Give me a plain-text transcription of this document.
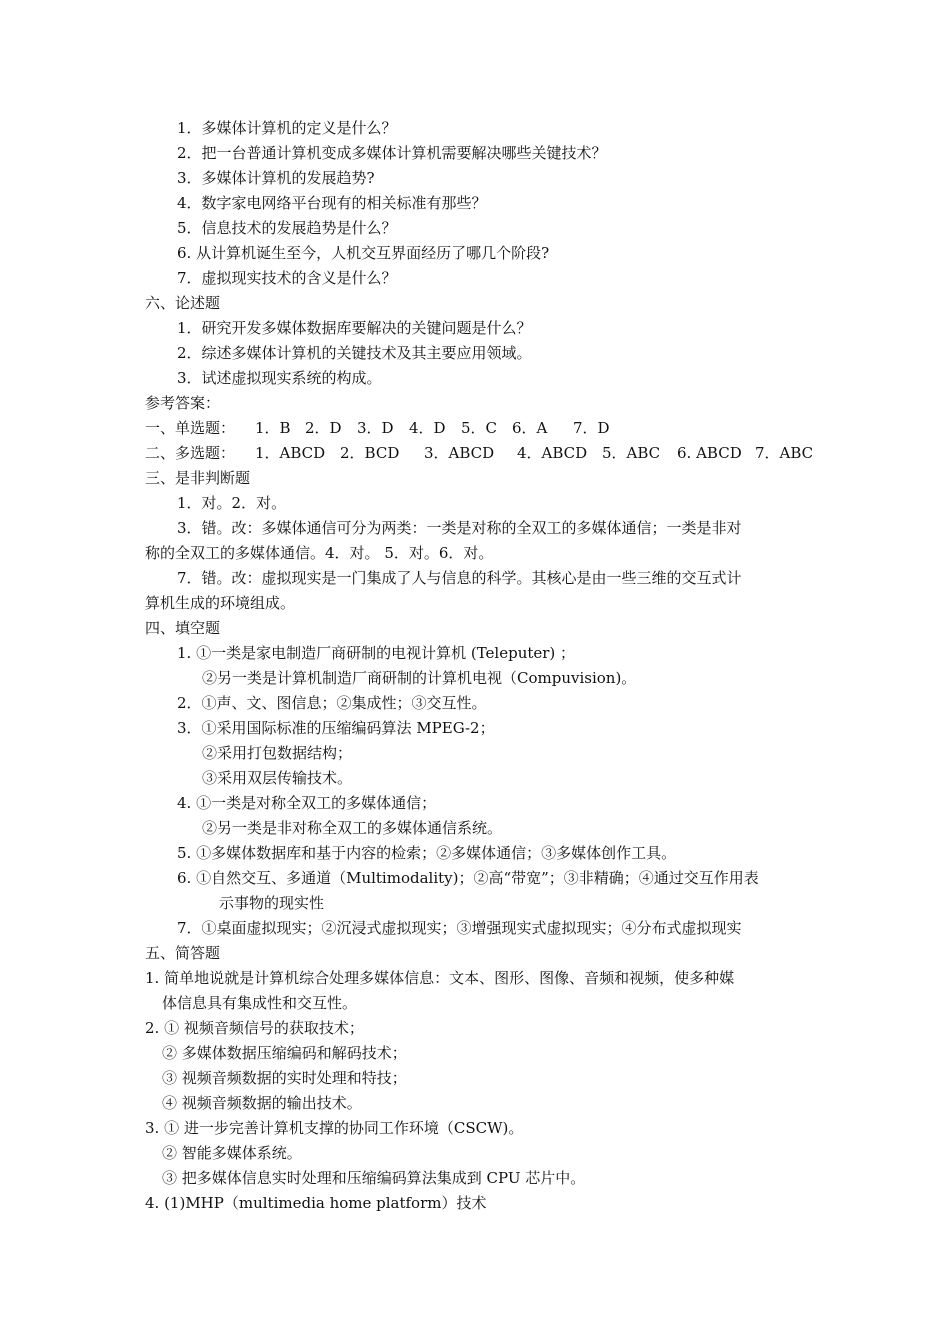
1．多媒体计算机的定义是什么？
2．把一台普通计算机变成多媒体计算机需要解决哪些关键技术？
3．多媒体计算机的发展趋势?
4．数字家电网络平台现有的相关标准有那些？
5．信息技术的发展趋势是什么？
6. 从计算机诞生至今，人机交互界面经历了哪几个阶段?
7．虚拟现实技术的含义是什么？
六、论述题
1．研究开发多媒体数据库要解决的关键问题是什么？
2．综述多媒体计算机的关键技术及其主要应用领域。
3．试述虚拟现实系统的构成。
参考答案：
一、单选题： 1．B 2．D 3．D 4．D 5．C 6．A 7．D
二、多选题： 1．ABCD 2．BCD 3．ABCD 4．ABCD 5．ABC 6. ABCD 7．ABC
三、是非判断题
1．对。2．对。
3．错。改：多媒体通信可分为两类：一类是对称的全双工的多媒体通信；一类是非对
称的全双工的多媒体通信。4．对。 5．对。6．对。
7．错。改：虚拟现实是一门集成了人与信息的科学。其核心是由一些三维的交互式计
算机生成的环境组成。
四、填空题
1. ①一类是家电制造厂商研制的电视计算机 (Teleputer) ；
②另一类是计算机制造厂商研制的计算机电视（Compuvision)。
2．①声、文、图信息；②集成性；③交互性。
3．①采用国际标准的压缩编码算法 MPEG-2；
②采用打包数据结构；
③采用双层传输技术。
4. ①一类是对称全双工的多媒体通信；
②另一类是非对称全双工的多媒体通信系统。
5. ①多媒体数据库和基于内容的检索；②多媒体通信；③多媒体创作工具。
6. ①自然交互、多通道（Multimodality)；②高“带宽”；③非精确；④通过交互作用表
示事物的现实性
7．①桌面虚拟现实；②沉浸式虚拟现实；③增强现实式虚拟现实；④分布式虚拟现实
五、简答题
1. 简单地说就是计算机综合处理多媒体信息：文本、图形、图像、音频和视频，使多种媒
体信息具有集成性和交互性。
2. ① 视频音频信号的获取技术；
② 多媒体数据压缩编码和解码技术；
③ 视频音频数据的实时处理和特技；
④ 视频音频数据的输出技术。
3. ① 进一步完善计算机支撑的协同工作环境（CSCW)。
② 智能多媒体系统。
③ 把多媒体信息实时处理和压缩编码算法集成到 CPU 芯片中。
4. (1)MHP（multimedia home platform）技术
